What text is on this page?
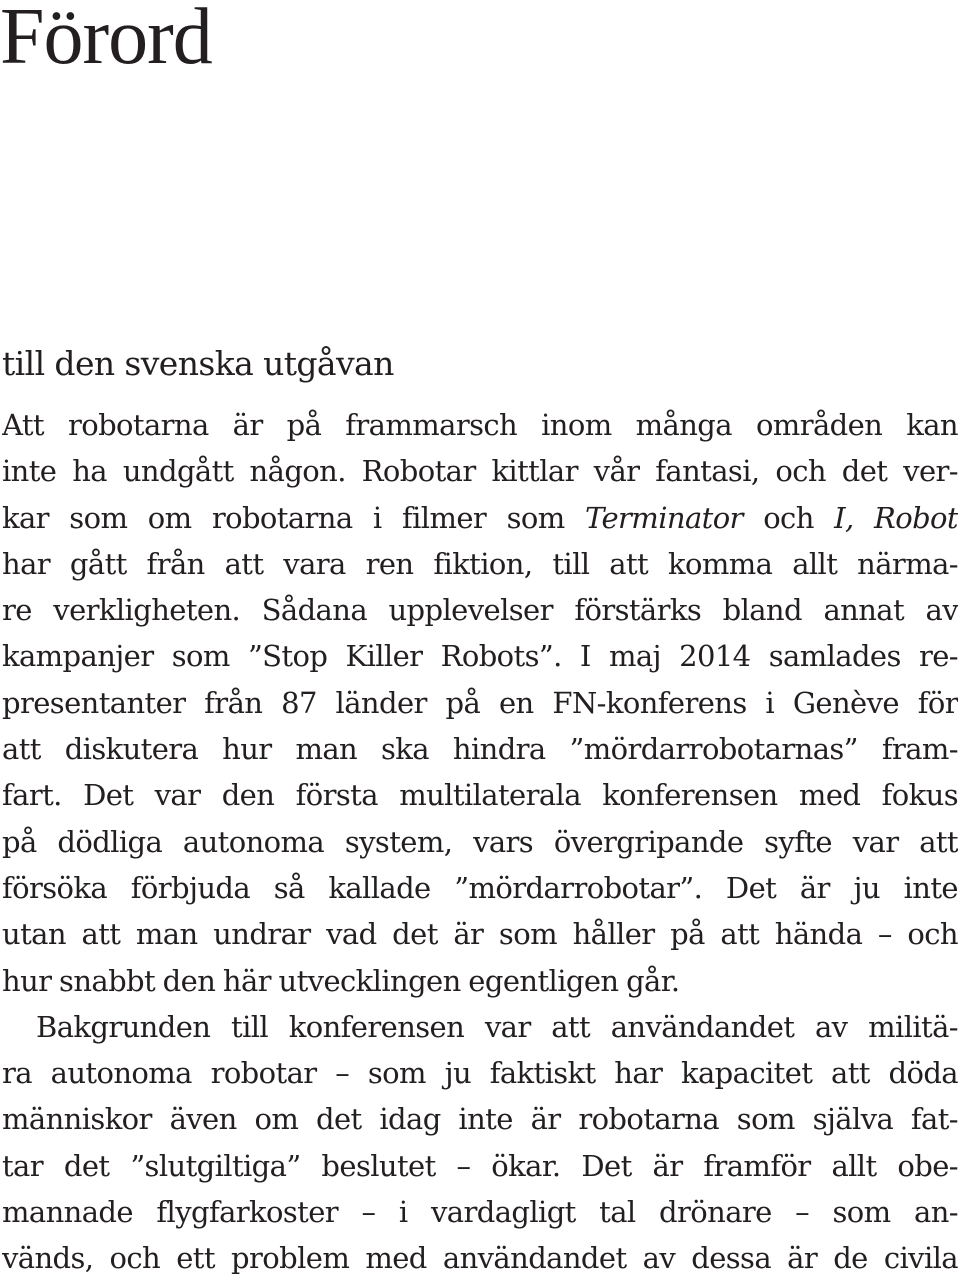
Förord
till den svenska utgåvan
Att robotarna är på frammarsch inom många områden kan
inte ha undgått någon. Robotar kittlar vår fantasi, och det ver-
kar som om robotarna i filmer som Terminator och I, Robot
har gått från att vara ren fiktion, till att komma allt närma-
re verkligheten. Sådana upplevelser förstärks bland annat av
kampanjer som ”Stop Killer Robots”. I maj 2014 samlades re-
presentanter från 87 länder på en FN-konferens i Genève för
att diskutera hur man ska hindra ”mördarrobotarnas” fram-
fart. Det var den första multilaterala konferensen med fokus
på dödliga autonoma system, vars övergripande syfte var att
försöka förbjuda så kallade ”mördarrobotar”. Det är ju inte
utan att man undrar vad det är som håller på att hända – och
hur snabbt den här utvecklingen egentligen går.
Bakgrunden till konferensen var att användandet av militä-
ra autonoma robotar – som ju faktiskt har kapacitet att döda
människor även om det idag inte är robotarna som själva fat-
tar det ”slutgiltiga” beslutet – ökar. Det är framför allt obe-
mannade flygfarkoster – i vardagligt tal drönare – som an-
vänds, och ett problem med användandet av dessa är de civila
